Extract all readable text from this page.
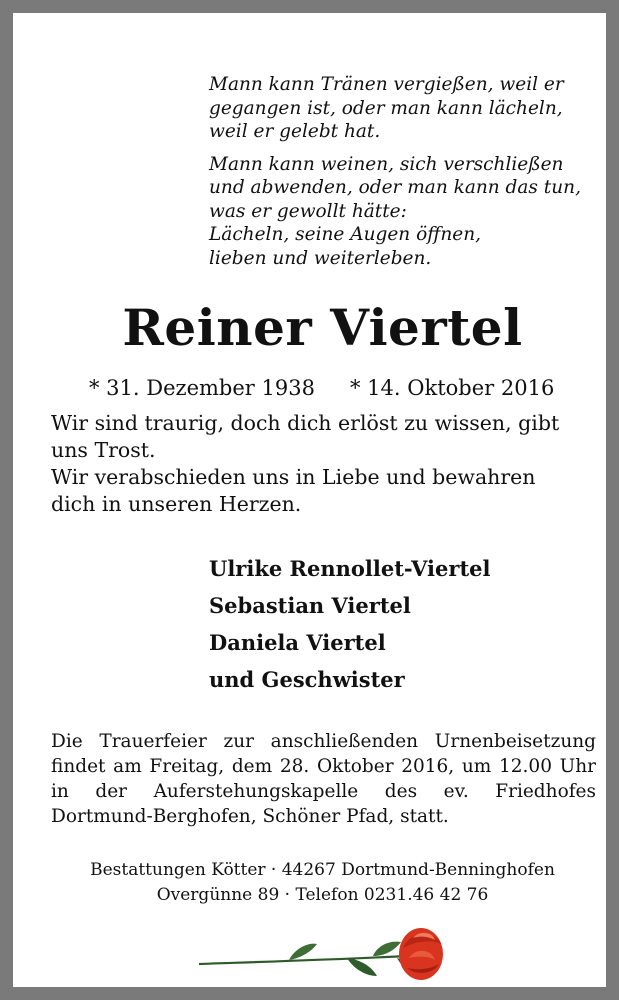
Mann kann Tränen vergießen, weil er
gegangen ist, oder man kann lächeln,
weil er gelebt hat.

Mann kann weinen, sich verschließen
und abwenden, oder man kann das tun,
was er gewollt hätte:
Lächeln, seine Augen öffnen,
lieben und weiterleben.

Reiner Viertel
* 31. Dezember 1938 * 14. Oktober 2016
Wir sind traurig, doch dich erlöst zu wissen, gibt
uns Trost.
Wir verabschieden uns in Liebe und bewahren
dich in unseren Herzen.
Ulrike Rennollet-Viertel
Sebastian Viertel
Daniela Viertel
und Geschwister
Die Trauerfeier zur anschließenden Urnenbeisetzung
findet am Freitag, dem 28. Oktober 2016, um 12.00 Uhr
in der Auferstehungskapelle des ev. Friedhofes
Dortmund-Berghofen, Schöner Pfad, statt.
Bestattungen Kötter · 44267 Dortmund-Benninghofen
Overgünne 89 · Telefon 0231.46 42 76
